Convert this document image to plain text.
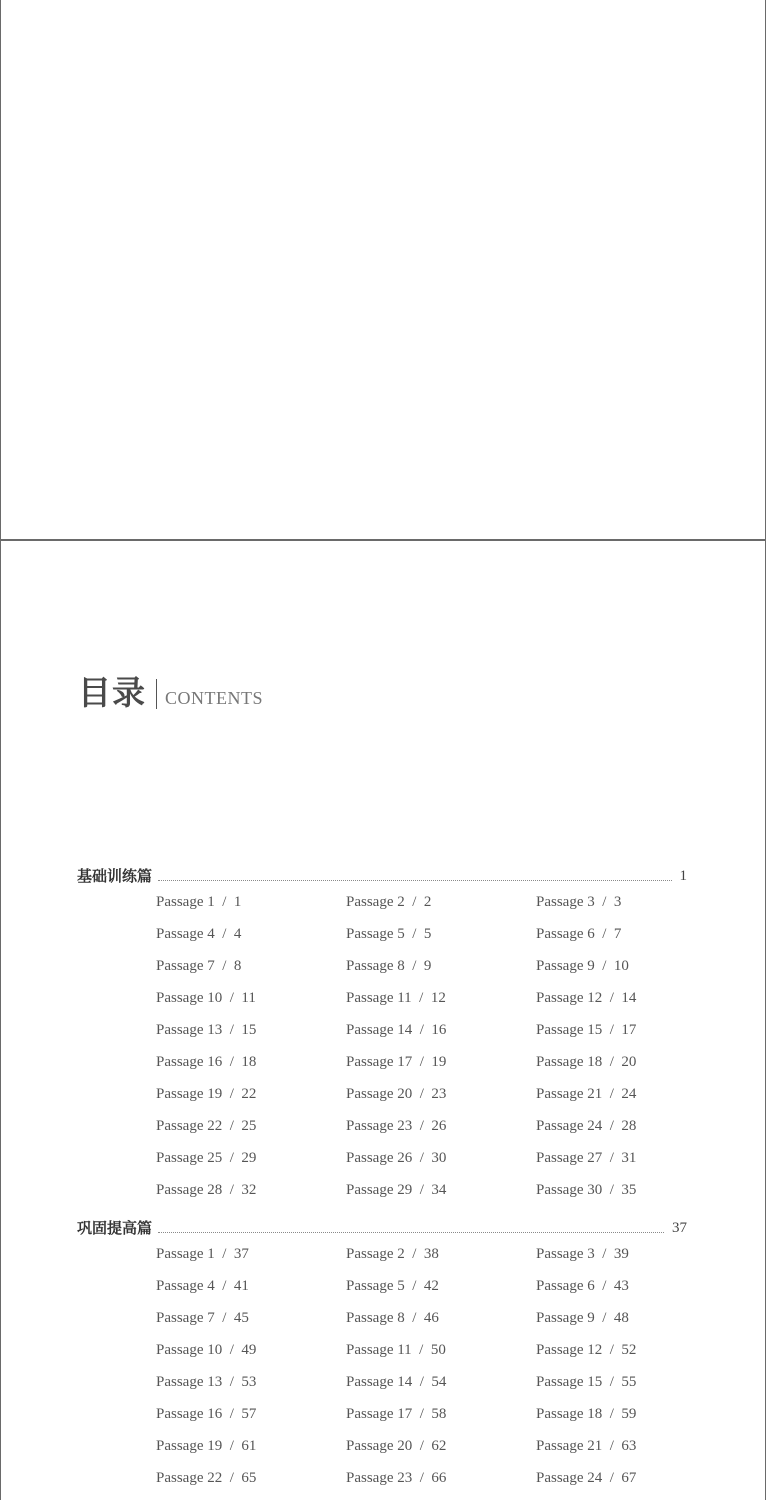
目录 CONTENTS
基础训练篇	1
Passage 1  /  1	Passage 2  /  2	Passage 3  /  3
Passage 4  /  4	Passage 5  /  5	Passage 6  /  7
Passage 7  /  8	Passage 8  /  9	Passage 9  /  10
Passage 10  /  11	Passage 11  /  12	Passage 12  /  14
Passage 13  /  15	Passage 14  /  16	Passage 15  /  17
Passage 16  /  18	Passage 17  /  19	Passage 18  /  20
Passage 19  /  22	Passage 20  /  23	Passage 21  /  24
Passage 22  /  25	Passage 23  /  26	Passage 24  /  28
Passage 25  /  29	Passage 26  /  30	Passage 27  /  31
Passage 28  /  32	Passage 29  /  34	Passage 30  /  35
巩固提高篇	37
Passage 1  /  37	Passage 2  /  38	Passage 3  /  39
Passage 4  /  41	Passage 5  /  42	Passage 6  /  43
Passage 7  /  45	Passage 8  /  46	Passage 9  /  48
Passage 10  /  49	Passage 11  /  50	Passage 12  /  52
Passage 13  /  53	Passage 14  /  54	Passage 15  /  55
Passage 16  /  57	Passage 17  /  58	Passage 18  /  59
Passage 19  /  61	Passage 20  /  62	Passage 21  /  63
Passage 22  /  65	Passage 23  /  66	Passage 24  /  67
